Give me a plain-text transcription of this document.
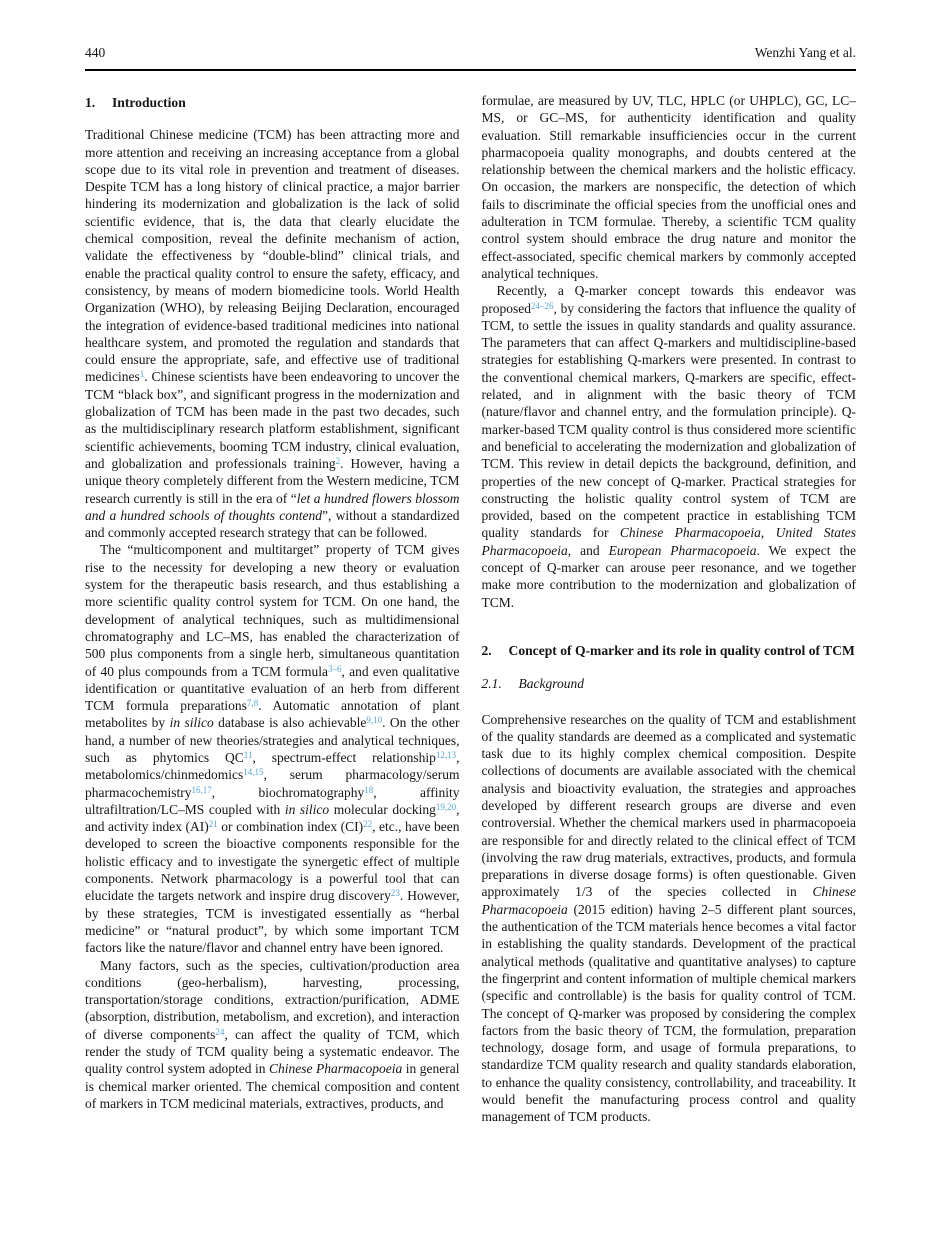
440	Wenzhi Yang et al.
1. Introduction

Traditional Chinese medicine (TCM) has been attracting more and more attention and receiving an increasing acceptance from a global scope due to its vital role in prevention and treatment of diseases. Despite TCM has a long history of clinical practice, a major barrier hindering its modernization and globalization is the lack of solid scientific evidence, that is, the data that clearly elucidate the chemical composition, reveal the definite mechanism of action, validate the effectiveness by “double-blind” clinical trials, and enable the practical quality control to ensure the safety, efficacy, and consistency, by means of modern biomedicine tools. World Health Organization (WHO), by releasing Beijing Declaration, encouraged the integration of evidence-based traditional medicines into national healthcare system, and promoted the regulation and standards that could ensure the appropriate, safe, and effective use of traditional medicines$^1$. Chinese scientists have been endeavoring to uncover the TCM “black box”, and significant progress in the modernization and globalization of TCM has been made in the past two decades, such as the multidisciplinary research platform establishment, significant scientific achievements, booming TCM industry, clinical evaluation, and globalization and professionals training$^2$. However, having a unique theory completely different from the Western medicine, TCM research currently is still in the era of “let a hundred flowers blossom and a hundred schools of thoughts contend”, without a standardized and commonly accepted research strategy that can be followed.

The “multicomponent and multitarget” property of TCM gives rise to the necessity for developing a new theory or evaluation system for the therapeutic basis research, and thus establishing a more scientific quality control system for TCM. On one hand, the development of analytical techniques, such as multidimensional chromatography and LC–MS, has enabled the characterization of 500 plus components from a single herb, simultaneous quantitation of 40 plus compounds from a TCM formula$^{3-6}$, and even qualitative identification or quantitative evaluation of an herb from different TCM formula preparations$^{7,8}$. Automatic annotation of plant metabolites by in silico database is also achievable$^{9,10}$. On the other hand, a number of new theories/strategies and analytical techniques, such as phytomics QC$^{11}$, spectrum-effect relationship$^{12,13}$, metabolomics/chinmedomics$^{14,15}$, serum pharmacology/serum pharmacochemistry$^{16,17}$, biochromatography$^{18}$, affinity ultrafiltration/LC–MS coupled with in silico molecular docking$^{19,20}$, and activity index (AI)$^{21}$ or combination index (CI)$^{22}$, etc., have been developed to screen the bioactive components responsible for the holistic efficacy and to investigate the synergetic effect of multiple components. Network pharmacology is a powerful tool that can elucidate the targets network and inspire drug discovery$^{23}$. However, by these strategies, TCM is investigated essentially as “herbal medicine” or “natural product”, by which some important TCM factors like the nature/flavor and channel entry have been ignored.

Many factors, such as the species, cultivation/production area conditions (geo-herbalism), harvesting, processing, transportation/storage conditions, extraction/purification, ADME (absorption, distribution, metabolism, and excretion), and interaction of diverse components$^{24}$, can affect the quality of TCM, which render the study of TCM quality being a systematic endeavor. The quality control system adopted in Chinese Pharmacopoeia in general is chemical marker oriented. The chemical composition and content of markers in TCM medicinal materials, extractives, products, and

formulae, are measured by UV, TLC, HPLC (or UHPLC), GC, LC–MS, or GC–MS, for authenticity identification and quality evaluation. Still remarkable insufficiencies occur in the current pharmacopoeia quality monographs, and doubts centered at the relationship between the chemical markers and the holistic efficacy. On occasion, the markers are nonspecific, the detection of which fails to discriminate the official species from the unofficial ones and adulteration in TCM formulae. Thereby, a scientific TCM quality control system should embrace the drug nature and monitor the effect-associated, specific chemical markers by commonly accepted analytical techniques.

Recently, a Q-marker concept towards this endeavor was proposed$^{24-26}$, by considering the factors that influence the quality of TCM, to settle the issues in quality standards and quality assurance. The parameters that can affect Q-markers and multidiscipline-based strategies for establishing Q-markers were presented. In contrast to the conventional chemical markers, Q-markers are specific, effect-related, and in alignment with the basic theory of TCM (nature/flavor and channel entry, and the formulation principle). Q-marker-based TCM quality control is thus considered more scientific and beneficial to accelerating the modernization and globalization of TCM. This review in detail depicts the background, definition, and properties of the new concept of Q-marker. Practical strategies for constructing the holistic quality control system of TCM are provided, based on the competent practice in establishing TCM quality standards for Chinese Pharmacopoeia, United States Pharmacopoeia, and European Pharmacopoeia. We expect the concept of Q-marker can arouse peer resonance, and we together make more contribution to the modernization and globalization of TCM.

2. Concept of Q-marker and its role in quality control of TCM
2.1. Background

Comprehensive researches on the quality of TCM and establishment of the quality standards are deemed as a complicated and systematic task due to its highly complex chemical composition. Despite collections of documents are available associated with the chemical analysis and bioactivity evaluation, the strategies and approaches developed by different research groups are diverse and even controversial. Whether the chemical markers used in pharmacopoeia are responsible for and directly related to the clinical effect of TCM (involving the raw drug materials, extractives, products, and formula preparations in diverse dosage forms) is often questionable. Given approximately 1/3 of the species collected in Chinese Pharmacopoeia (2015 edition) having 2–5 different plant sources, the authentication of the TCM materials hence becomes a vital factor in establishing the quality standards. Development of the practical analytical methods (qualitative and quantitative analyses) to capture the fingerprint and content information of multiple chemical markers (specific and controllable) is the basis for quality control of TCM. The concept of Q-marker was proposed by considering the complex factors from the basic theory of TCM, the formulation, preparation technology, dosage form, and usage of formula preparations, to standardize TCM quality research and quality standards elaboration, to enhance the quality consistency, controllability, and traceability. It would benefit the manufacturing process control and quality management of TCM products.
